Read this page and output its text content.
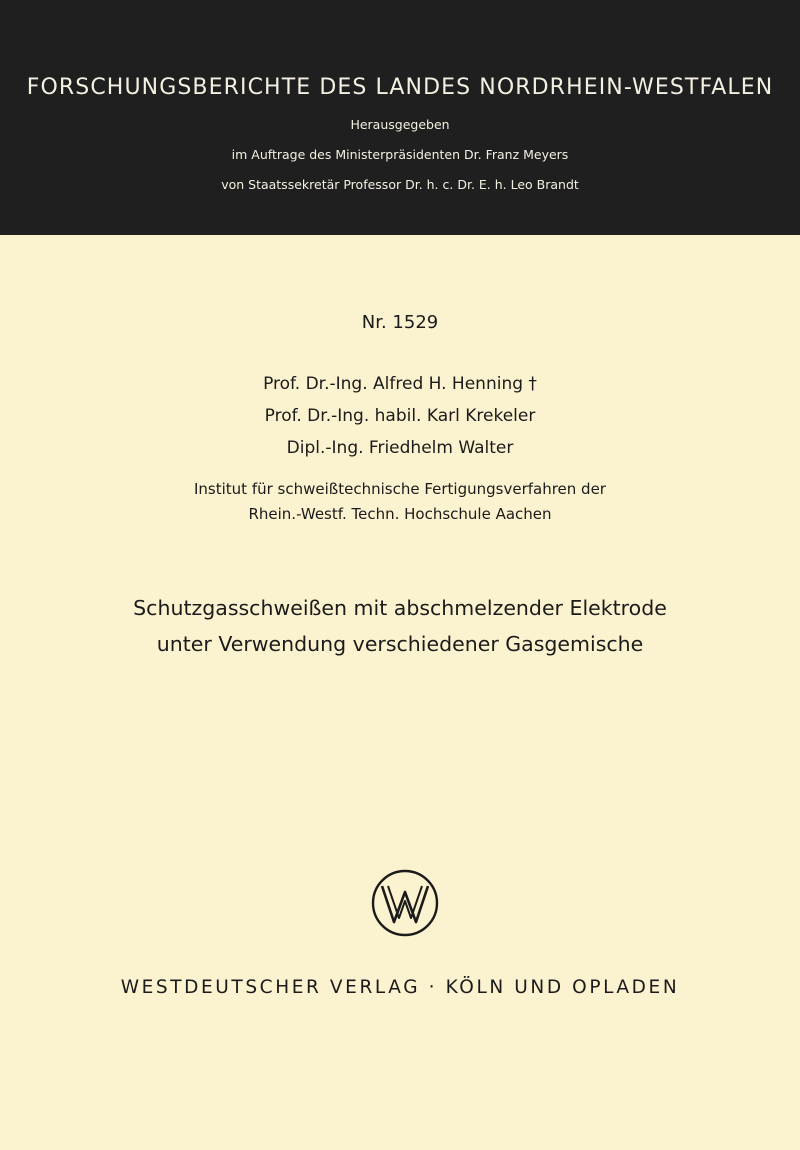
FORSCHUNGSBERICHTE DES LANDES NORDRHEIN-WESTFALEN
Herausgegeben
im Auftrage des Ministerpräsidenten Dr. Franz Meyers
von Staatssekretär Professor Dr. h. c. Dr. E. h. Leo Brandt
Nr. 1529
Prof. Dr.-Ing. Alfred H. Henning †
Prof. Dr.-Ing. habil. Karl Krekeler
Dipl.-Ing. Friedhelm Walter
Institut für schweißtechnische Fertigungsverfahren der
Rhein.-Westf. Techn. Hochschule Aachen
Schutzgasschweißen mit abschmelzender Elektrode
unter Verwendung verschiedener Gasgemische
WESTDEUTSCHER VERLAG · KÖLN UND OPLADEN
